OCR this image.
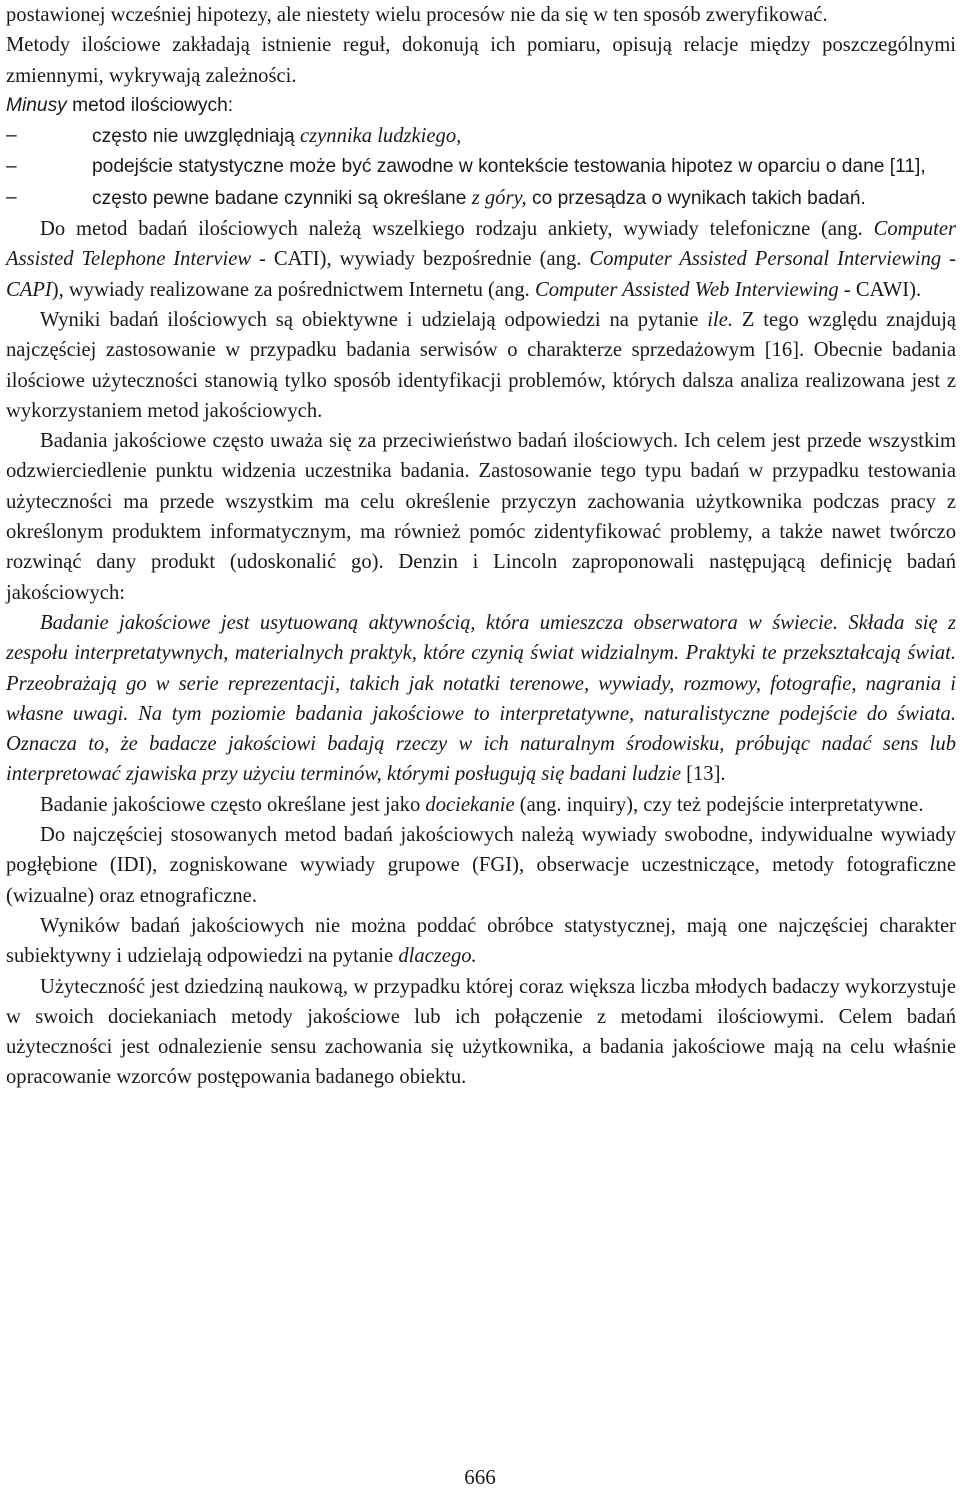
postawionej wcześniej hipotezy, ale niestety wielu procesów nie da się w ten sposób zweryfikować.

Metody ilościowe zakładają istnienie reguł, dokonują ich pomiaru, opisują relacje między poszczególnymi zmiennymi, wykrywają zależności.

Minusy metod ilościowych:

–	często nie uwzględniają czynnika ludzkiego,
–	podejście statystyczne może być zawodne w kontekście testowania hipotez w oparciu o dane [11],
–	często pewne badane czynniki są określane z góry, co przesądza o wynikach takich badań.

Do metod badań ilościowych należą wszelkiego rodzaju ankiety, wywiady telefoniczne (ang. Computer Assisted Telephone Interview - CATI), wywiady bezpośrednie (ang. Computer Assisted Personal Interviewing - CAPI), wywiady realizowane za pośrednictwem Internetu (ang. Computer Assisted Web Interviewing - CAWI).

Wyniki badań ilościowych są obiektywne i udzielają odpowiedzi na pytanie ile. Z tego względu znajdują najczęściej zastosowanie w przypadku badania serwisów o charakterze sprzedażowym [16]. Obecnie badania ilościowe użyteczności stanowią tylko sposób identyfikacji problemów, których dalsza analiza realizowana jest z wykorzystaniem metod jakościowych.

Badania jakościowe często uważa się za przeciwieństwo badań ilościowych. Ich celem jest przede wszystkim odzwierciedlenie punktu widzenia uczestnika badania. Zastosowanie tego typu badań w przypadku testowania użyteczności ma przede wszystkim ma celu określenie przyczyn zachowania użytkownika podczas pracy z określonym produktem informatycznym, ma również pomóc zidentyfikować problemy, a także nawet twórczo rozwinąć dany produkt (udoskonalić go). Denzin i Lincoln zaproponowali następującą definicję badań jakościowych:

Badanie jakościowe jest usytuowaną aktywnością, która umieszcza obserwatora w świecie. Składa się z zespołu interpretatywnych, materialnych praktyk, które czynią świat widzialnym. Praktyki te przekształcają świat. Przeobrażają go w serie reprezentacji, takich jak notatki terenowe, wywiady, rozmowy, fotografie, nagrania i własne uwagi. Na tym poziomie badania jakościowe to interpretatywne, naturalistyczne podejście do świata. Oznacza to, że badacze jakościowi badają rzeczy w ich naturalnym środowisku, próbując nadać sens lub interpretować zjawiska przy użyciu terminów, którymi posługują się badani ludzie [13].

Badanie jakościowe często określane jest jako dociekanie (ang. inquiry), czy też podejście interpretatywne.

Do najczęściej stosowanych metod badań jakościowych należą wywiady swobodne, indywidualne wywiady pogłębione (IDI), zogniskowane wywiady grupowe (FGI), obserwacje uczestniczące, metody fotograficzne (wizualne) oraz etnograficzne.

Wyników badań jakościowych nie można poddać obróbce statystycznej, mają one najczęściej charakter subiektywny i udzielają odpowiedzi na pytanie dlaczego.

Użyteczność jest dziedziną naukową, w przypadku której coraz większa liczba młodych badaczy wykorzystuje w swoich dociekaniach metody jakościowe lub ich połączenie z metodami ilościowymi. Celem badań użyteczności jest odnalezienie sensu zachowania się użytkownika, a badania jakościowe mają na celu właśnie opracowanie wzorców postępowania badanego obiektu.

666
